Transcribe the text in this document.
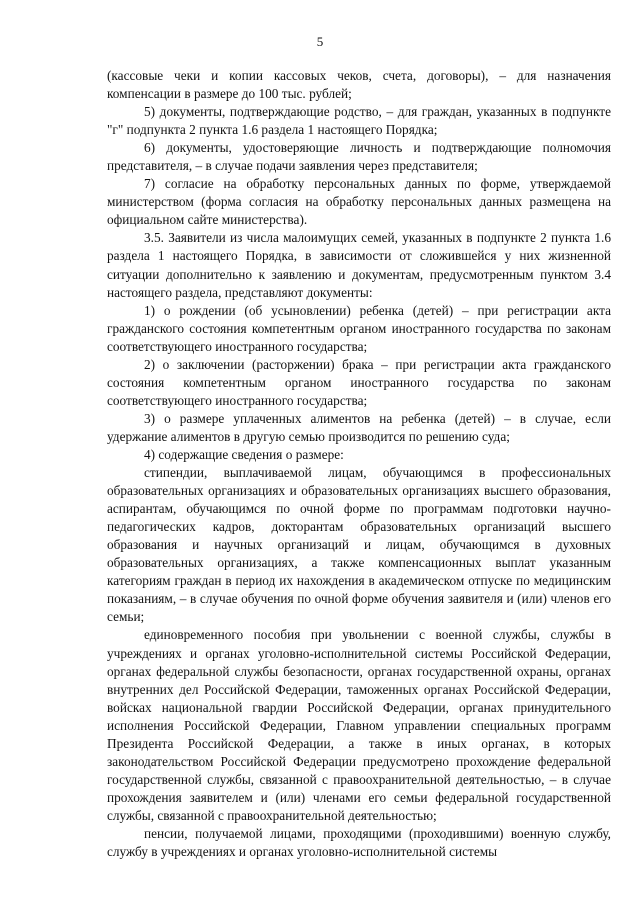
5

(кассовые чеки и копии кассовых чеков, счета, договоры), – для назначения компенсации в размере до 100 тыс. рублей;

5) документы, подтверждающие родство, – для граждан, указанных в подпункте "г" подпункта 2 пункта 1.6 раздела 1 настоящего Порядка;

6) документы, удостоверяющие личность и подтверждающие полномочия представителя, – в случае подачи заявления через представителя;

7) согласие на обработку персональных данных по форме, утверждаемой министерством (форма согласия на обработку персональных данных размещена на официальном сайте министерства).

3.5. Заявители из числа малоимущих семей, указанных в подпункте 2 пункта 1.6 раздела 1 настоящего Порядка, в зависимости от сложившейся у них жизненной ситуации дополнительно к заявлению и документам, предусмотренным пунктом 3.4 настоящего раздела, представляют документы:

1) о рождении (об усыновлении) ребенка (детей) – при регистрации акта гражданского состояния компетентным органом иностранного государства по законам соответствующего иностранного государства;

2) о заключении (расторжении) брака – при регистрации акта гражданского состояния компетентным органом иностранного государства по законам соответствующего иностранного государства;

3) о размере уплаченных алиментов на ребенка (детей) – в случае, если удержание алиментов в другую семью производится по решению суда;

4) содержащие сведения о размере:

стипендии, выплачиваемой лицам, обучающимся в профессиональных образовательных организациях и образовательных организациях высшего образования, аспирантам, обучающимся по очной форме по программам подготовки научно-педагогических кадров, докторантам образовательных организаций высшего образования и научных организаций и лицам, обучающимся в духовных образовательных организациях, а также компенсационных выплат указанным категориям граждан в период их нахождения в академическом отпуске по медицинским показаниям, – в случае обучения по очной форме обучения заявителя и (или) членов его семьи;

единовременного пособия при увольнении с военной службы, службы в учреждениях и органах уголовно-исполнительной системы Российской Федерации, органах федеральной службы безопасности, органах государственной охраны, органах внутренних дел Российской Федерации, таможенных органах Российской Федерации, войсках национальной гвардии Российской Федерации, органах принудительного исполнения Российской Федерации, Главном управлении специальных программ Президента Российской Федерации, а также в иных органах, в которых законодательством Российской Федерации предусмотрено прохождение федеральной государственной службы, связанной с правоохранительной деятельностью, – в случае прохождения заявителем и (или) членами его семьи федеральной государственной службы, связанной с правоохранительной деятельностью;

пенсии, получаемой лицами, проходящими (проходившими) военную службу, службу в учреждениях и органах уголовно-исполнительной системы
